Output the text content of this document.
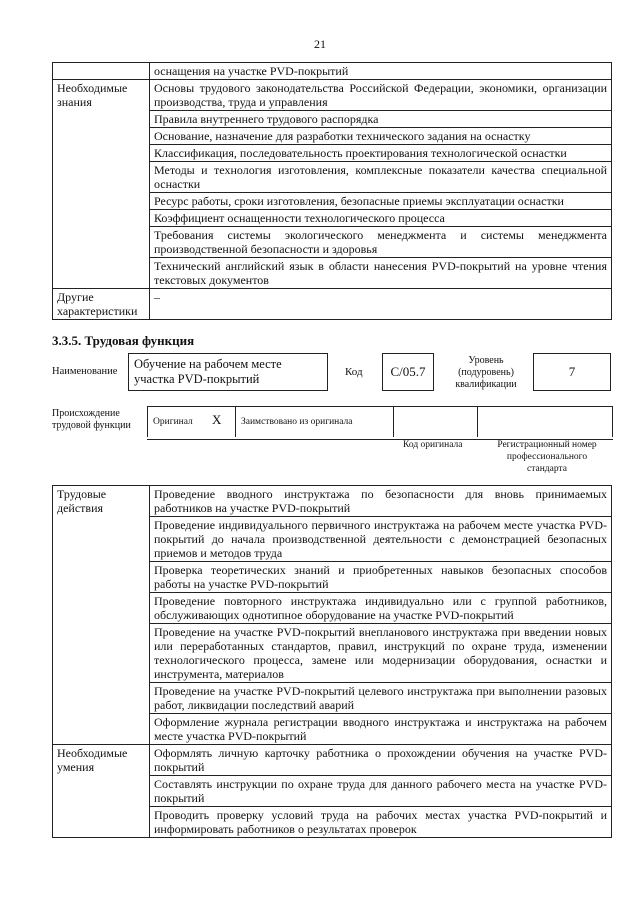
21
	оснащения на участке PVD-покрытий
Необходимые знания	Основы трудового законодательства Российской Федерации, экономики, организации производства, труда и управления
	Правила внутреннего трудового распорядка
	Основание, назначение для разработки технического задания на оснастку
	Классификация, последовательность проектирования технологической оснастки
	Методы и технология изготовления, комплексные показатели качества специальной оснастки
	Ресурс работы, сроки изготовления, безопасные приемы эксплуатации оснастки
	Коэффициент оснащенности технологического процесса
	Требования системы экологического менеджмента и системы менеджмента производственной безопасности и здоровья
	Технический английский язык в области нанесения PVD-покрытий на уровне чтения текстовых документов
Другие характеристики	–
3.3.5. Трудовая функция
Наименование
Обучение на рабочем месте участка PVD-покрытий	Код	С/05.7
Уровень (подуровень) квалификации
7
Происхождение трудовой функции	Оригинал X Заимствовано из оригинала
Код оригинала	Регистрационный номер профессионального стандарта
Трудовые действия	Проведение вводного инструктажа по безопасности для вновь принимаемых работников на участке PVD-покрытий
	Проведение индивидуального первичного инструктажа на рабочем месте участка PVD-покрытий до начала производственной деятельности с демонстрацией безопасных приемов и методов труда
	Проверка теоретических знаний и приобретенных навыков безопасных способов работы на участке PVD-покрытий
	Проведение повторного инструктажа индивидуально или с группой работников, обслуживающих однотипное оборудование на участке PVD-покрытий
	Проведение на участке PVD-покрытий внепланового инструктажа при введении новых или переработанных стандартов, правил, инструкций по охране труда, изменении технологического процесса, замене или модернизации оборудования, оснастки и инструмента, материалов
	Проведение на участке PVD-покрытий целевого инструктажа при выполнении разовых работ, ликвидации последствий аварий
	Оформление журнала регистрации вводного инструктажа и инструктажа на рабочем месте участка PVD-покрытий
Необходимые умения	Оформлять личную карточку работника о прохождении обучения на участке PVD-покрытий
	Составлять инструкции по охране труда для данного рабочего места на участке PVD-покрытий
	Проводить проверку условий труда на рабочих местах участка PVD-покрытий и информировать работников о результатах проверок
